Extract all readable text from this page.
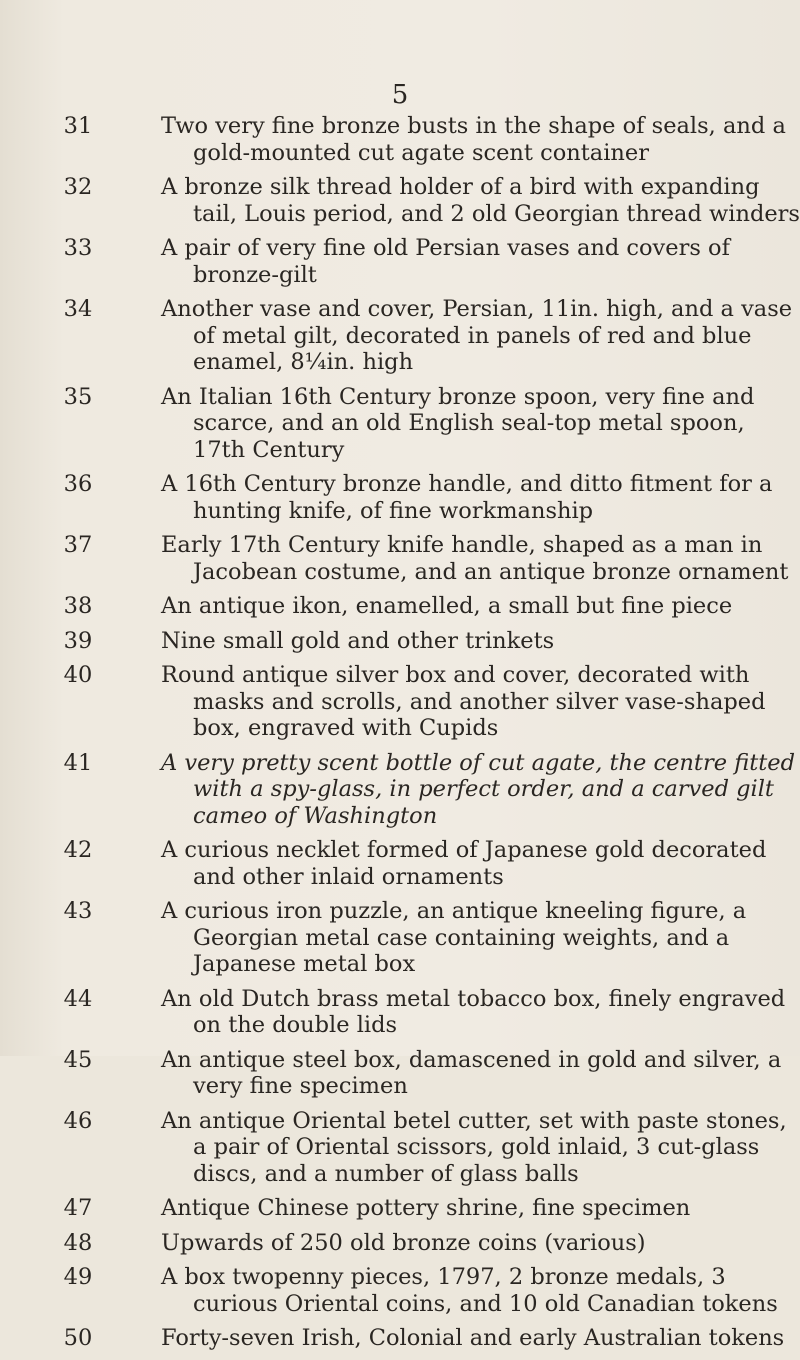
5
31	Two very fine bronze busts in the shape of seals, and a gold-mounted cut agate scent container
32	A bronze silk thread holder of a bird with expanding tail, Louis period, and 2 old Georgian thread winders
33	A pair of very fine old Persian vases and covers of bronze-gilt
34	Another vase and cover, Persian, 11in. high, and a vase of metal gilt, decorated in panels of red and blue enamel, 8¼in. high
35	An Italian 16th Century bronze spoon, very fine and scarce, and an old English seal-top metal spoon, 17th Century
36	A 16th Century bronze handle, and ditto fitment for a hunting knife, of fine workmanship
37	Early 17th Century knife handle, shaped as a man in Jacobean costume, and an antique bronze ornament
38	An antique ikon, enamelled, a small but fine piece
39	Nine small gold and other trinkets
40	Round antique silver box and cover, decorated with masks and scrolls, and another silver vase-shaped box, engraved with Cupids
41	A very pretty scent bottle of cut agate, the centre fitted with a spy-glass, in perfect order, and a carved gilt cameo of Washington
42	A curious necklet formed of Japanese gold decorated and other inlaid ornaments
43	A curious iron puzzle, an antique kneeling figure, a Georgian metal case containing weights, and a Japanese metal box
44	An old Dutch brass metal tobacco box, finely engraved on the double lids
45	An antique steel box, damascened in gold and silver, a very fine specimen
46	An antique Oriental betel cutter, set with paste stones, a pair of Oriental scissors, gold inlaid, 3 cut-glass discs, and a number of glass balls
47	Antique Chinese pottery shrine, fine specimen
48	Upwards of 250 old bronze coins (various)
49	A box twopenny pieces, 1797, 2 bronze medals, 3 curious Oriental coins, and 10 old Canadian tokens
50	Forty-seven Irish, Colonial and early Australian tokens
